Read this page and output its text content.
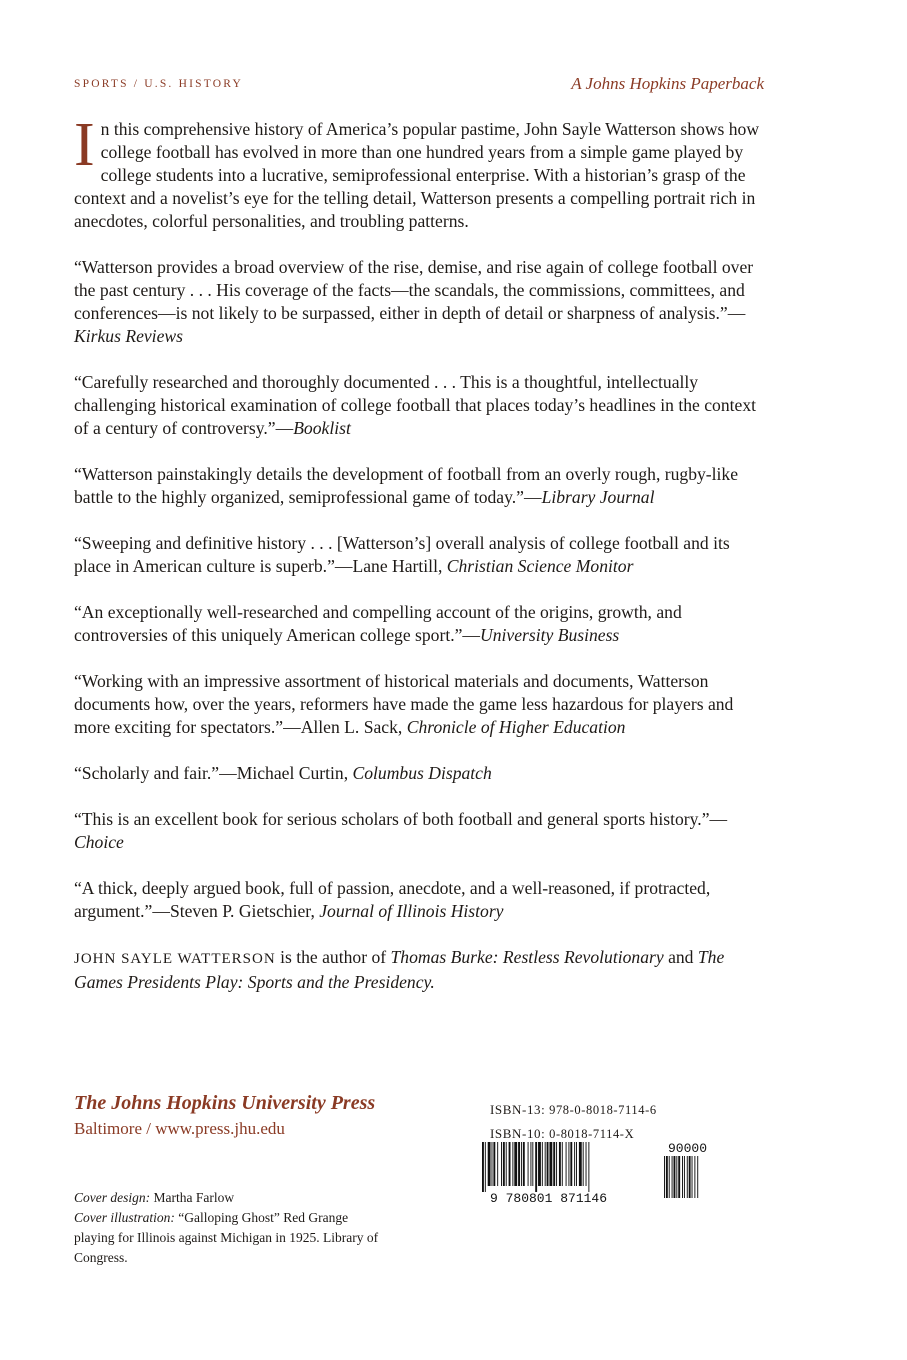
SPORTS / U.S. HISTORY	A Johns Hopkins Paperback

In this comprehensive history of America’s popular pastime, John Sayle Watterson shows how college football has evolved in more than one hundred years from a simple game played by college students into a lucrative, semiprofessional enterprise. With a historian’s grasp of the context and a novelist’s eye for the telling detail, Watterson presents a compelling portrait rich in anecdotes, colorful personalities, and troubling patterns.

“Watterson provides a broad overview of the rise, demise, and rise again of college football over the past century . . . His coverage of the facts—the scandals, the commissions, committees, and conferences—is not likely to be surpassed, either in depth of detail or sharpness of analysis.”—Kirkus Reviews

“Carefully researched and thoroughly documented . . . This is a thoughtful, intellectually challenging historical examination of college football that places today’s headlines in the context of a century of controversy.”—Booklist

“Watterson painstakingly details the development of football from an overly rough, rugby-like battle to the highly organized, semiprofessional game of today.”—Library Journal

“Sweeping and definitive history . . . [Watterson’s] overall analysis of college football and its place in American culture is superb.”—Lane Hartill, Christian Science Monitor

“An exceptionally well-researched and compelling account of the origins, growth, and controversies of this uniquely American college sport.”—University Business

“Working with an impressive assortment of historical materials and documents, Watterson documents how, over the years, reformers have made the game less hazardous for players and more exciting for spectators.”—Allen L. Sack, Chronicle of Higher Education

“Scholarly and fair.”—Michael Curtin, Columbus Dispatch

“This is an excellent book for serious scholars of both football and general sports history.”—Choice

“A thick, deeply argued book, full of passion, anecdote, and a well-reasoned, if protracted, argument.”—Steven P. Gietschier, Journal of Illinois History

JOHN SAYLE WATTERSON is the author of Thomas Burke: Restless Revolutionary and The Games Presidents Play: Sports and the Presidency.

The Johns Hopkins University Press
Baltimore / www.press.jhu.edu
ISBN-13: 978-0-8018-7114-6
ISBN-10: 0-8018-7114-X
9 780801 871146
90000
Cover design: Martha Farlow
Cover illustration: “Galloping Ghost” Red Grange playing for Illinois against Michigan in 1925. Library of Congress.
